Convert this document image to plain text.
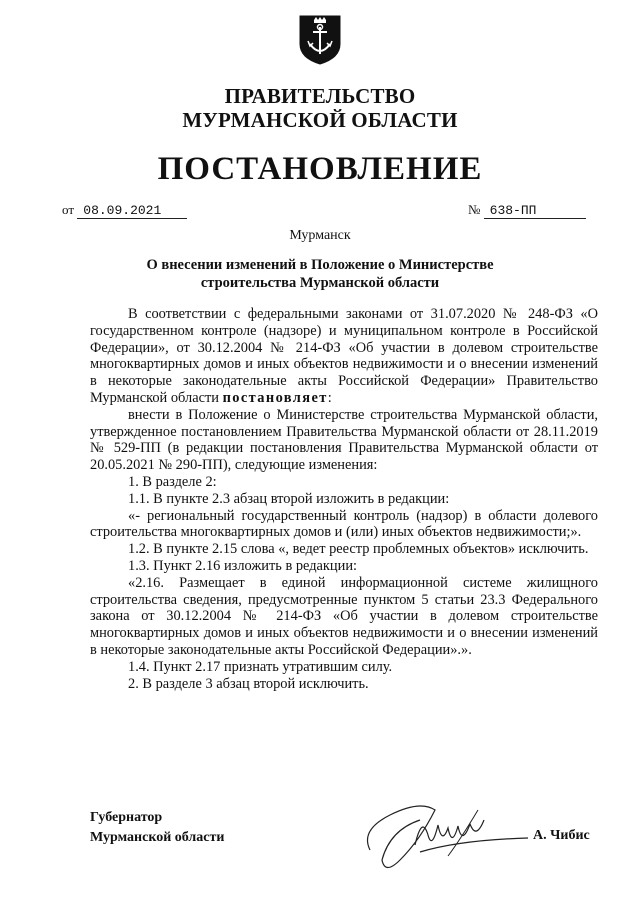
ПРАВИТЕЛЬСТВО
МУРМАНСКОЙ ОБЛАСТИ
ПОСТАНОВЛЕНИЕ
от 08.09.2021	№ 638-ПП
Мурманск
О внесении изменений в Положение о Министерстве
строительства Мурманской области

В соответствии с федеральными законами от 31.07.2020 № 248-ФЗ «О государственном контроле (надзоре) и муниципальном контроле в Российской Федерации», от 30.12.2004 № 214-ФЗ «Об участии в долевом строительстве многоквартирных домов и иных объектов недвижимости и о внесении изменений в некоторые законодательные акты Российской Федерации» Правительство Мурманской области постановляет:

внести в Положение о Министерстве строительства Мурманской области, утвержденное постановлением Правительства Мурманской области от 28.11.2019 № 529-ПП (в редакции постановления Правительства Мурманской области от 20.05.2021 № 290-ПП), следующие изменения:

1. В разделе 2:

1.1. В пункте 2.3 абзац второй изложить в редакции:

«- региональный государственный контроль (надзор) в области долевого строительства многоквартирных домов и (или) иных объектов недвижимости;».

1.2. В пункте 2.15 слова «, ведет реестр проблемных объектов» исключить.

1.3. Пункт 2.16 изложить в редакции:

«2.16. Размещает в единой информационной системе жилищного строительства сведения, предусмотренные пунктом 5 статьи 23.3 Федерального закона от 30.12.2004 № 214-ФЗ «Об участии в долевом строительстве многоквартирных домов и иных объектов недвижимости и о внесении изменений в некоторые законодательные акты Российской Федерации».».

1.4. Пункт 2.17 признать утратившим силу.

2. В разделе 3 абзац второй исключить.

Губернатор
Мурманской области	А. Чибис
